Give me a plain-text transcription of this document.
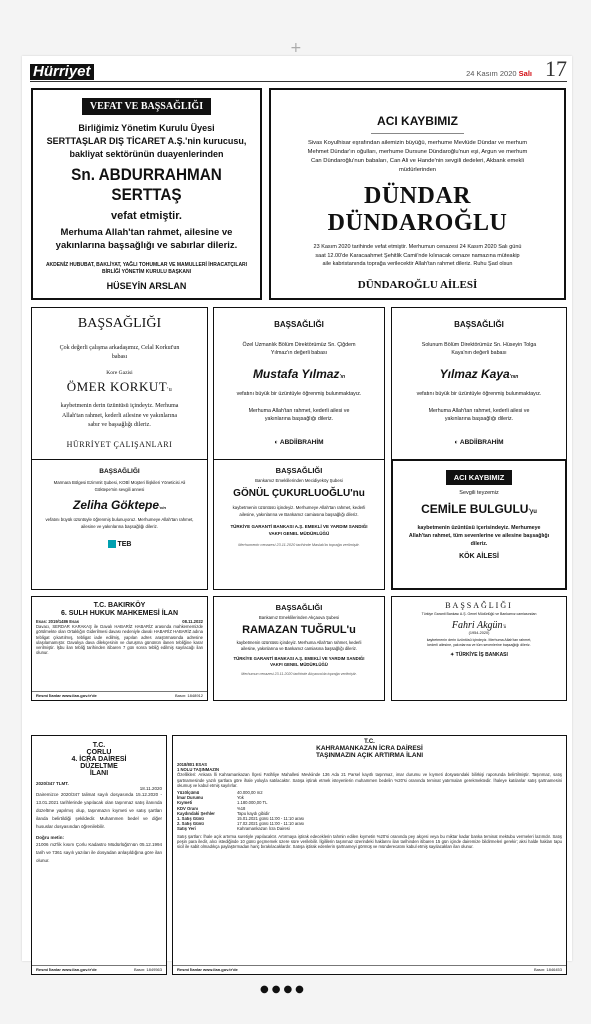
+
Hürriyet	24 Kasım 2020 Salı 17
VEFAT VE BAŞSAĞLIĞI
Birliğimiz Yönetim Kurulu Üyesi
SERTTAŞLAR DIŞ TİCARET A.Ş.'nin kurucusu,
bakliyat sektörünün duayenlerinden
Sn. ABDURRAHMAN SERTTAŞ
vefat etmiştir.
Merhuma Allah'tan rahmet, ailesine ve yakınlarına başsağlığı ve sabırlar dileriz.
AKDENİZ HUBUBAT, BAKLİYAT, YAĞLI TOHUMLAR VE MAMULLERİ İHRACATÇILARI BİRLİĞİ YÖNETİM KURULU BAŞKANI
HÜSEYİN ARSLAN
ACI KAYBIMIZ
Sivas Koyulhisar eşrafından ailemizin büyüğü, merhume Mevlüde Dündar ve merhum Mehmet Dündar'ın oğulları, merhume Dursune Dündaroğlu'nun eşi, Argun ve merhum Can Dündaroğlu'nun babaları, Can Ali ve Hande'nin sevgili dedeleri, Akbank emekli müdürlerinden
DÜNDAR DÜNDAROĞLU
23 Kasım 2020 tarihinde vefat etmiştir. Merhumun cenazesi 24 Kasım 2020 Salı günü saat 12.00'de Karacaahmet Şehitlik Camii'nde kılınacak cenaze namazına müteakip aile kabristanında toprağa verilecektir Allah'tan rahmet dileriz. Ruhu Şad olsun
DÜNDAROĞLU AİLESİ
BAŞSAĞLIĞI
Çok değerli çalışma arkadaşımız, Celal Korkut'un babası
Kore Gazisi
ÖMER KORKUT'u
kaybetmenin derin üzüntüsü içindeyiz. Merhuma Allah'tan rahmet, kederli ailesine ve yakınlarına sabır ve başsağlığı dileriz.
HÜRRİYET ÇALIŞANLARI
BAŞSAĞLIĞI
Özel Uzmanlık Bölüm Direktörümüz Sn. Çiğdem Yılmaz'ın değerli babası
Mustafa Yılmaz'ın
vefatını büyük bir üzüntüyle öğrenmiş bulunmaktayız.
Merhuma Allah'tan rahmet, kederli ailesi ve yakınlarına başsağlığı dileriz.
◐ ABDİİBRAHİM
BAŞSAĞLIĞI
Solunum Bölüm Direktörümüz Sn. Hüseyin Tolga Kaya'nın değerli babası
Yılmaz Kaya'nın
vefatını büyük bir üzüntüyle öğrenmiş bulunmaktayız.
Merhuma Allah'tan rahmet, kederli ailesi ve yakınlarına başsağlığı dileriz.
◐ ABDİİBRAHİM
BAŞSAĞLIĞI
Marmara Bölgesi Ezimmit Şubesi, KOBİ Müşteri İlişkileri Yöneticisi Ali Göktepe'nin sevgili annesi
Zeliha Göktepe'nin
vefatını büyük üzüntüyle öğrenmiş bulunuyoruz. Merhumeye Allah'tan rahmet, ailesine ve yakınlarına başsağlığı dileriz.
TEB
BAŞSAĞLIĞI
Bankamız Emeklilerinden Mecidiyeköy Şubesi
GÖNÜL ÇUKURLUOĞLU'nu
kaybetmenin üzüntüsü içindeyiz. Merhumeye Allah'tan rahmet, kederli ailesine, yakınlarına ve Bankamız camiasına başsağlığı dileriz.
TÜRKİYE GARANTİ BANKASI A.Ş. EMEKLİ VE YARDIM SANDIĞI VAKFI GENEL MÜDÜRLÜĞÜ
Merhumenin cenazesi 23.11.2020 tarihinde Maslak'ta toprağa verilmiştir.
ACI KAYBIMIZ
Sevgili teyzemiz
CEMİLE BULGULU'yu
kaybetmenin üzüntüsü içerisindeyiz. Merhumeye Allah'tan rahmet, tüm sevenlerine ve ailesine başsağlığı dileriz.
KÖK AİLESİ
T.C. BAKIRKÖY
6. SULH HUKUK MAHKEMESİ İLAN
Esas: 2019/1486 Esas	08.11.2022
Davacı, SERDAR KARAKAŞ ile Davalı HABARİZ HABARİZ arasında mahkememizde görülmekte olan Ortaklığın Giderilmesi davası nedeniyle davalı HABARİZ HABARİZ adına tebligat çıkartılmış, tebligat iade edilmiş, yapılan adres araştırmasında adresine ulaşılamamıştır. Davalıya dava dilekçesinin ve duruşma gününün ilanen tebliğine karar verilmiştir. İşbu ilan tebliğ tarihinden itibaren 7 gün sonra tebliğ edilmiş sayılacağı ilan olunur.
Resmi İlanlar www.ilan.gov.tr'de	Basın: 1848912
BAŞSAĞLIĞI
Bankamız Emeklilerinden Akçaova Şubesi
RAMAZAN TUĞRUL'u
kaybetmenin üzüntüsü içindeyiz. Merhuma Allah'tan rahmet, kederli ailesine, yakınlarına ve Bankamız camiasına başsağlığı dileriz.
TÜRKİYE GARANTİ BANKASI A.Ş. EMEKLİ VE YARDIM SANDIĞI VAKFI GENEL MÜDÜRLÜĞÜ
Merhumun cenazesi 23.11.2020 tarihinde Akçaova'da toprağa verilmiştir.
BAŞSAĞLIĞI
Türkiye Garanti Bankası A.Ş. Genel Müdürlüğü ve Bankamız camiasından
Fahri Akgün'ü
(1954-2020)
kaybetmenin derin üzüntüsü içindeyiz. Merhuma Allah'tan rahmet, kederli ailesine, yakınlarına ve tüm sevenlerine başsağlığı dileriz.
✦ TÜRKİYE İŞ BANKASI
T.C.
ÇORLU
4. İCRA DAİRESİ
DÜZELTME
İLANI
2020/347 TLMT.
18.11.2020
Dairemizce 2020/347 talimat sayılı dosyasında 15.12.2020 - 13.01.2021 tarihlerinde yapılacak olan taşınmaz satış ilanında düzeltme yapılmış olup, taşınmazın kıymeti ve satış şartları ilanda belirtildiği şekildedir. Muhammen bedel ve diğer hususlar dosyasından öğrenilebilir.
Doğru metin:
21006 m2'lik kısım Çorlu Kadastro Müdürlüğü'nün 05.12.1994 tarih ve 7361 sayılı yazıları ile dosyadan anlaşıldığına göre ilan olunur.
Resmi İlanlar www.ilan.gov.tr'de	Basın: 1849563
T.C.
KAHRAMANKAZAN İCRA DAİRESİ
TAŞINMAZIN AÇIK ARTIRMA İLANI
2018/801 ESAS
1 NOLU TAŞINMAZIN
Özellikleri: Ankara İli Kahramankazan İlçesi Fatihliye Mahallesi Mevkiinde 136 Ada 21 Parsel kayıtlı taşınmaz, imar durumu ve kıymeti dosyasındaki bilirkişi raporunda belirtilmiştir. Taşınmaz, satış şartnamesinde yazılı şartlara göre ihale yoluyla satılacaktır. Satışa iştirak etmek isteyenlerin muhammen bedelin %20'si oranında teminat yatırmaları gerekmektedir. İhaleye katılanlar satış şartnamesini okumuş ve kabul etmiş sayılırlar.
Yüzölçümü	40.000,00 m2
İmar Durumu	Yok
Kıymeti	1.180.000,00 TL
KDV Oranı	%18
Kaydındaki Şerhler	Tapu kaydı gibidir
1. Satış Günü	15.01.2021 günü 11:00 - 11:10 arası
2. Satış Günü	17.02.2021 günü 11:00 - 11:10 arası
Satış Yeri	Kahramankazan İcra Dairesi
Satış şartları: İhale açık artırma suretiyle yapılacaktır. Artırmaya iştirak edeceklerin tahmin edilen kıymetin %20'si oranında pey akçesi veya bu miktar kadar banka teminat mektubu vermeleri lazımdır. Satış peşin para iledir, alıcı istediğinde 10 günü geçmemek üzere süre verilebilir. İlgililerin taşınmaz üzerindeki haklarını ilan tarihinden itibaren 15 gün içinde dairemize bildirmeleri gerekir; aksi halde hakları tapu sicil ile sabit olmadıkça paylaştırmadan hariç bırakılacaklardır. Satışa iştirak edenlerin şartnameyi görmüş ve münderecatını kabul etmiş sayılacakları ilan olunur.
Resmi İlanlar www.ilan.gov.tr'de	Basın: 1846453
●●●●
